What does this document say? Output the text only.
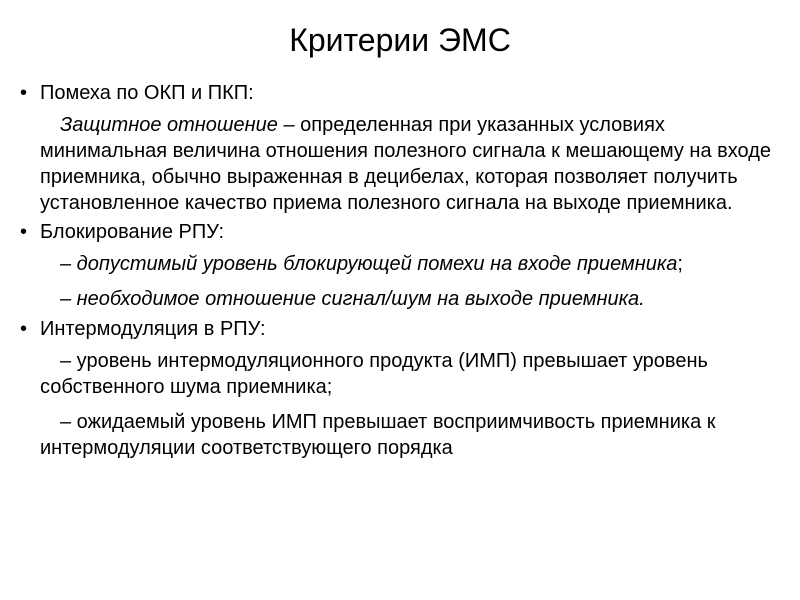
Критерии ЭМС
• Помеха по ОКП и ПКП:
Защитное отношение – определенная при указанных условиях минимальная величина отношения полезного сигнала к мешающему на входе приемника, обычно выраженная в децибелах, которая позволяет получить установленное качество приема полезного сигнала на выходе приемника.
• Блокирование РПУ:
– допустимый уровень блокирующей помехи на входе приемника;
– необходимое отношение сигнал/шум на выходе приемника.
• Интермодуляция в РПУ:
– уровень интермодуляционного продукта (ИМП) превышает уровень собственного шума приемника;
– ожидаемый уровень ИМП превышает восприимчивость приемника к интермодуляции соответствующего порядка
